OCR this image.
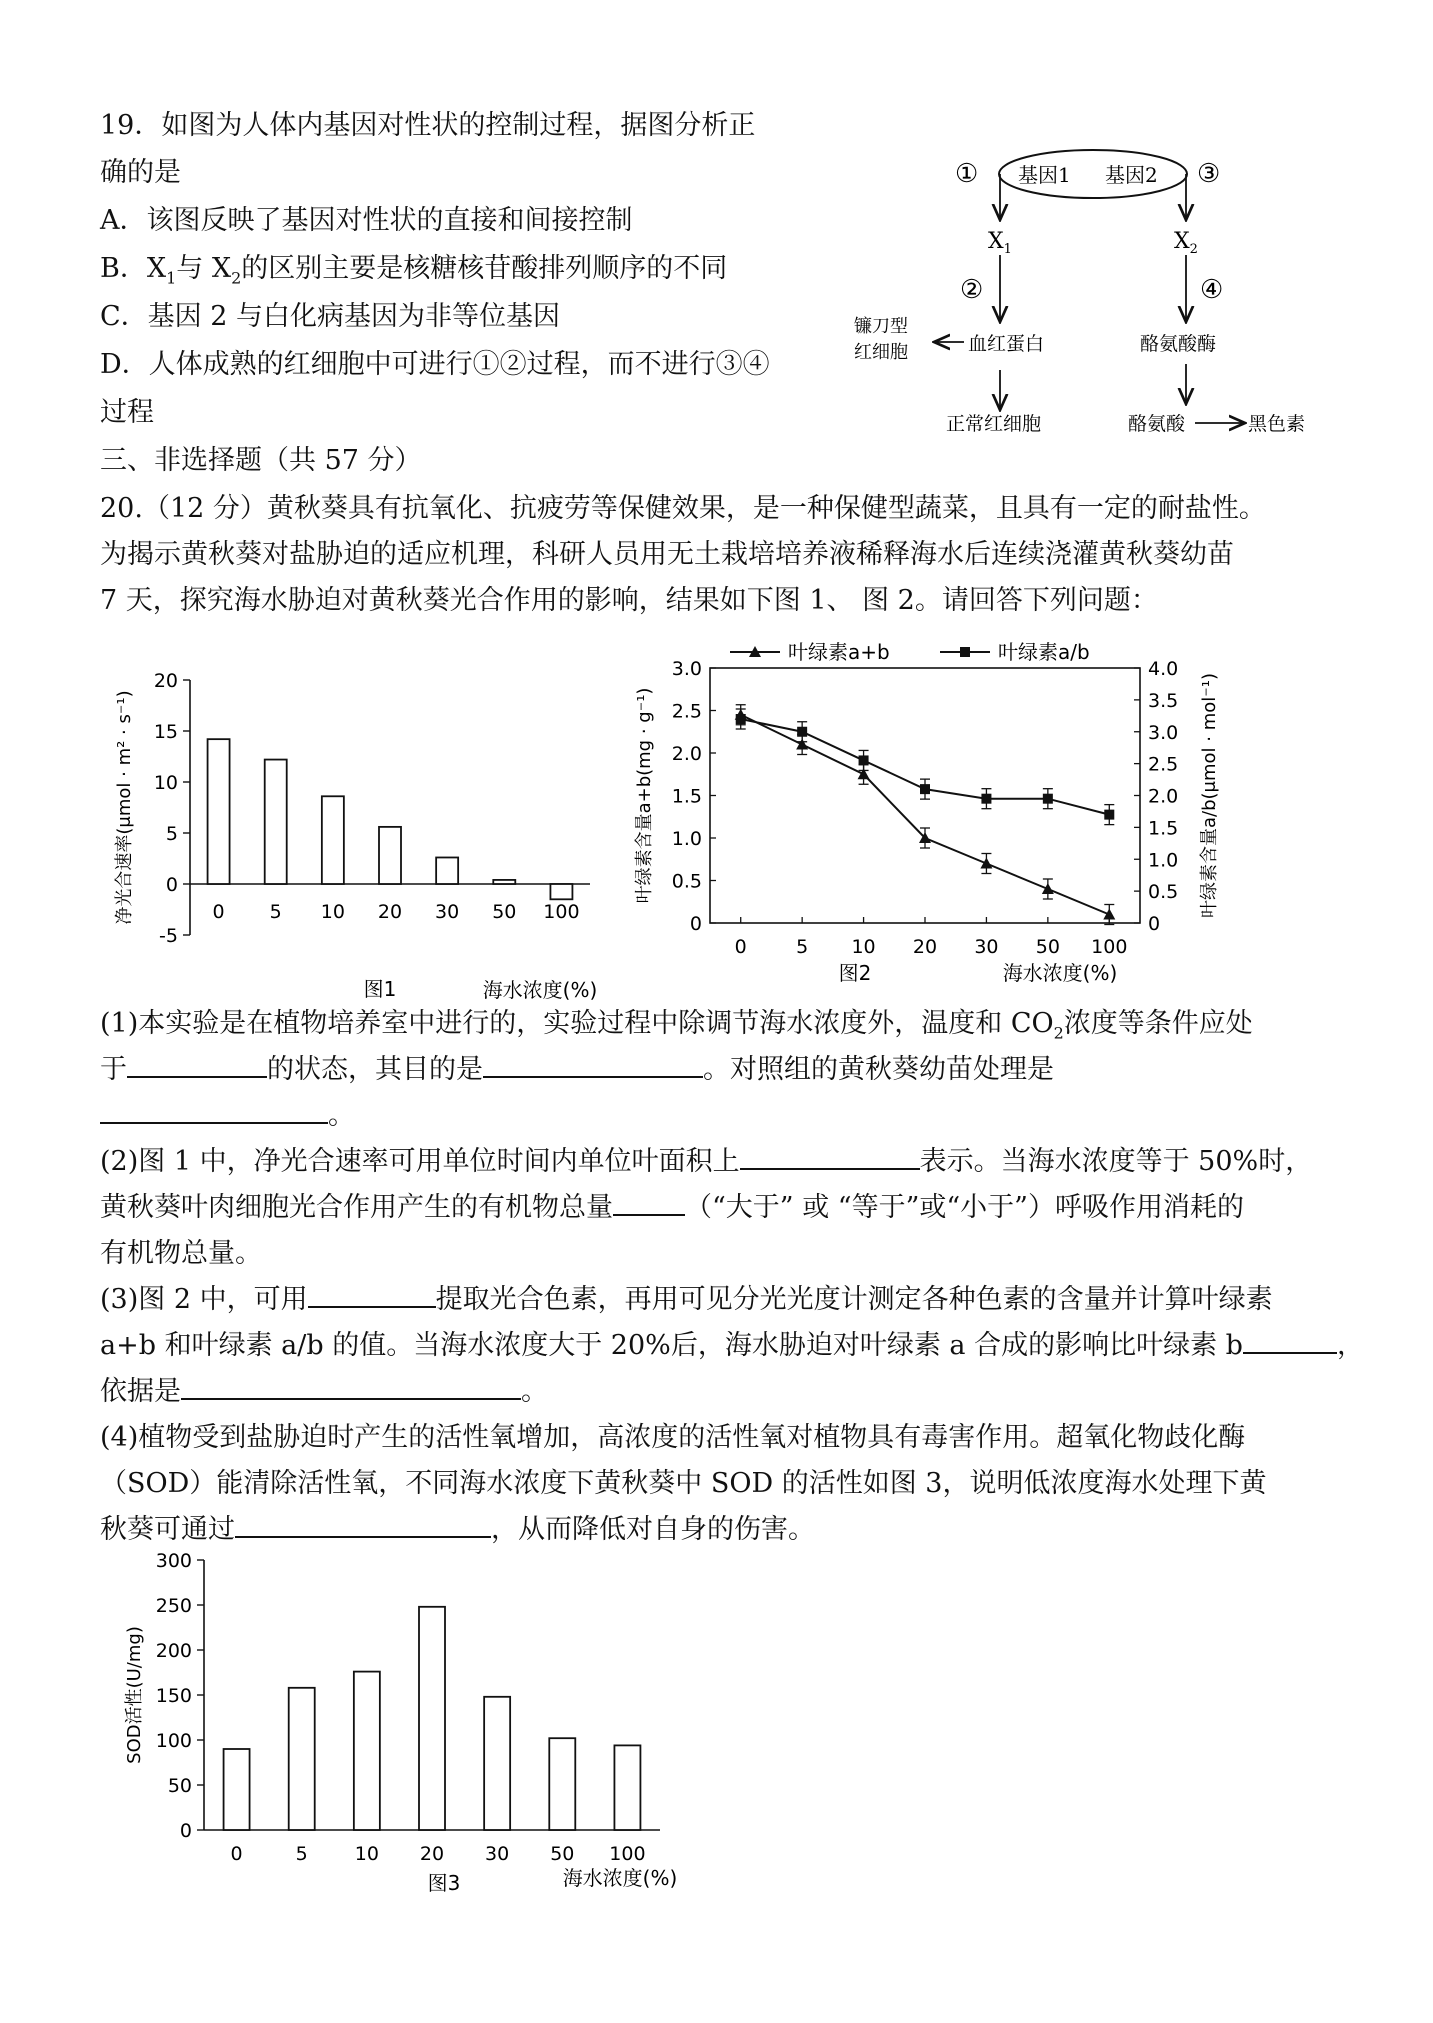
19．如图为人体内基因对性状的控制过程，据图分析正
确的是
A．该图反映了基因对性状的直接和间接控制
B．$X_1$与 $X_2$的区别主要是核糖核苷酸排列顺序的不同
C．基因 2 与白化病基因为非等位基因
D．人体成熟的红细胞中可进行①②过程，而不进行③④
过程
① 基因1 基因2 ③
$X_1$	$X_2$
②	④
镰刀型
红细胞	血红蛋白	酪氨酸酶
正常红细胞	酪氨酸	黑色素
三、非选择题（共 57 分）
20.（12 分）黄秋葵具有抗氧化、抗疲劳等保健效果，是一种保健型蔬菜，且具有一定的耐盐性。
为揭示黄秋葵对盐胁迫的适应机理，科研人员用无土栽培培养液稀释海水后连续浇灌黄秋葵幼苗
7 天，探究海水胁迫对黄秋葵光合作用的影响，结果如下图 1、 图 2。请回答下列问题：
-5
0
5
10
15
20
0 5 10 20 30 50 100
海水浓度(%)
图1
净光合速率(μmol · m² · s⁻¹)	0
0.5
1.0
1.5
2.0
2.5
3.0
0
0.5
1.0
1.5
2.0
2.5
3.0
3.5
4.0
0	5 10 20 30 50 100
叶绿素a+b	叶绿素a/b
海水浓度(%)
图2
叶绿素含量a+b(mg · g⁻¹)	叶绿素含量a/b(μmol · mol⁻¹)
(1)本实验是在植物培养室中进行的，实验过程中除调节海水浓度外，温度和 $CO_2$浓度等条件应处
于	的状态，其目的是	。对照组的黄秋葵幼苗处理是
。
(2)图 1 中，净光合速率可用单位时间内单位叶面积上	表示。当海水浓度等于 50%时，
黄秋葵叶肉细胞光合作用产生的有机物总量	（“大于” 或 “等于”或“小于”）呼吸作用消耗的
有机物总量。
(3)图 2 中，可用	提取光合色素，再用可见分光光度计测定各种色素的含量并计算叶绿素
a+b 和叶绿素 a/b 的值。当海水浓度大于 20%后，海水胁迫对叶绿素 a 合成的影响比叶绿素 b	，
依据是	。
(4)植物受到盐胁迫时产生的活性氧增加，高浓度的活性氧对植物具有毒害作用。超氧化物歧化酶
（SOD）能清除活性氧，不同海水浓度下黄秋葵中 SOD 的活性如图 3，说明低浓度海水处理下黄
秋葵可通过	，从而降低对自身的伤害。
0
50
100
150
200
250
300
0	5 10 20 30 50 100
海水浓度(%)
图3
SOD活性(U/mg)
